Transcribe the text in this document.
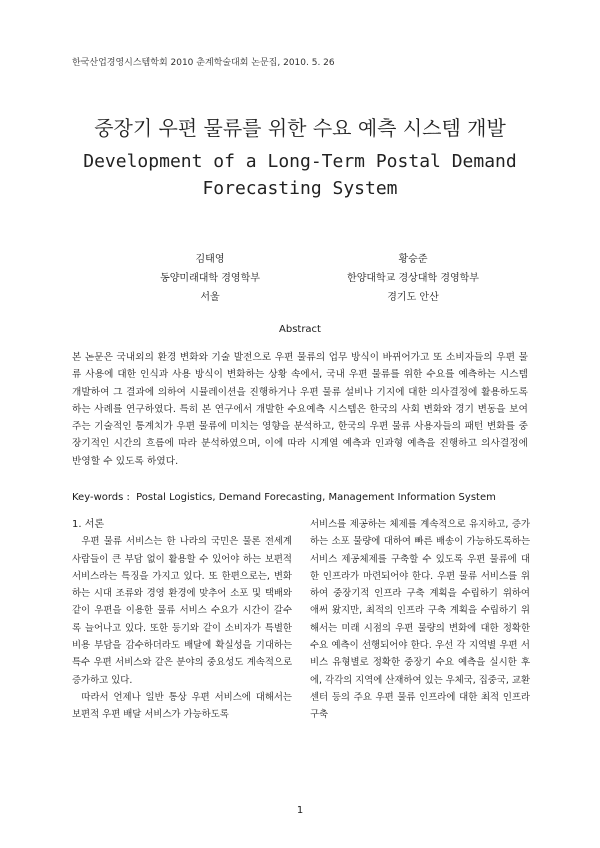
한국산업경영시스템학회 2010 춘계학술대회 논문집, 2010. 5. 26
중장기 우편 물류를 위한 수요 예측 시스템 개발
Development of a Long-Term Postal Demand
Forecasting System
김태영
동양미래대학 경영학부
서울
황승준
한양대학교 경상대학 경영학부
경기도 안산
Abstract
본 논문은 국내외의 환경 변화와 기술 발전으로 우편 물류의 업무 방식이 바뀌어가고 또 소비자들의 우편 물류 사용에 대한 인식과 사용 방식이 변화하는 상황 속에서, 국내 우편 물류를 위한 수요를 예측하는 시스템 개발하여 그 결과에 의하여 시뮬레이션을 진행하거나 우편 물류 설비나 기지에 대한 의사결정에 활용하도록 하는 사례를 연구하였다. 특히 본 연구에서 개발한 수요예측 시스템은 한국의 사회 변화와 경기 변동을 보여주는 기술적인 통계치가 우편 물류에 미치는 영향을 분석하고, 한국의 우편 물류 사용자들의 패턴 변화를 중장기적인 시간의 흐름에 따라 분석하였으며, 이에 따라 시계열 예측과 인과형 예측을 진행하고 의사결정에 반영할 수 있도록 하였다.
Key-words : Postal Logistics, Demand Forecasting, Management Information System
1. 서론

우편 물류 서비스는 한 나라의 국민은 물론 전세계 사람들이 큰 부담 없이 활용할 수 있어야 하는 보편적 서비스라는 특징을 가지고 있다. 또 한편으로는, 변화하는 시대 조류와 경영 환경에 맞추어 소포 및 택배와 같이 우편을 이용한 물류 서비스 수요가 시간이 갈수록 늘어나고 있다. 또한 등기와 같이 소비자가 특별한 비용 부담을 감수하더라도 배달에 확실성을 기대하는 특수 우편 서비스와 같은 분야의 중요성도 계속적으로 증가하고 있다.

따라서 언제나 일반 통상 우편 서비스에 대해서는 보편적 우편 배달 서비스가 가능하도록

서비스를 제공하는 체제를 계속적으로 유지하고, 증가하는 소포 물량에 대하여 빠른 배송이 가능하도록하는 서비스 제공체제를 구축할 수 있도록 우편 물류에 대한 인프라가 마련되어야 한다. 우편 물류 서비스를 위하여 중장기적 인프라 구축 계획을 수립하기 위하여 애써 왔지만, 최적의 인프라 구축 계획을 수립하기 위해서는 미래 시점의 우편 물량의 변화에 대한 정확한 수요 예측이 선행되어야 한다. 우선 각 지역별 우편 서비스 유형별로 정확한 중장기 수요 예측을 실시한 후에, 각각의 지역에 산재하여 있는 우체국, 집중국, 교환 센터 등의 주요 우편 물류 인프라에 대한 최적 인프라 구축

1
